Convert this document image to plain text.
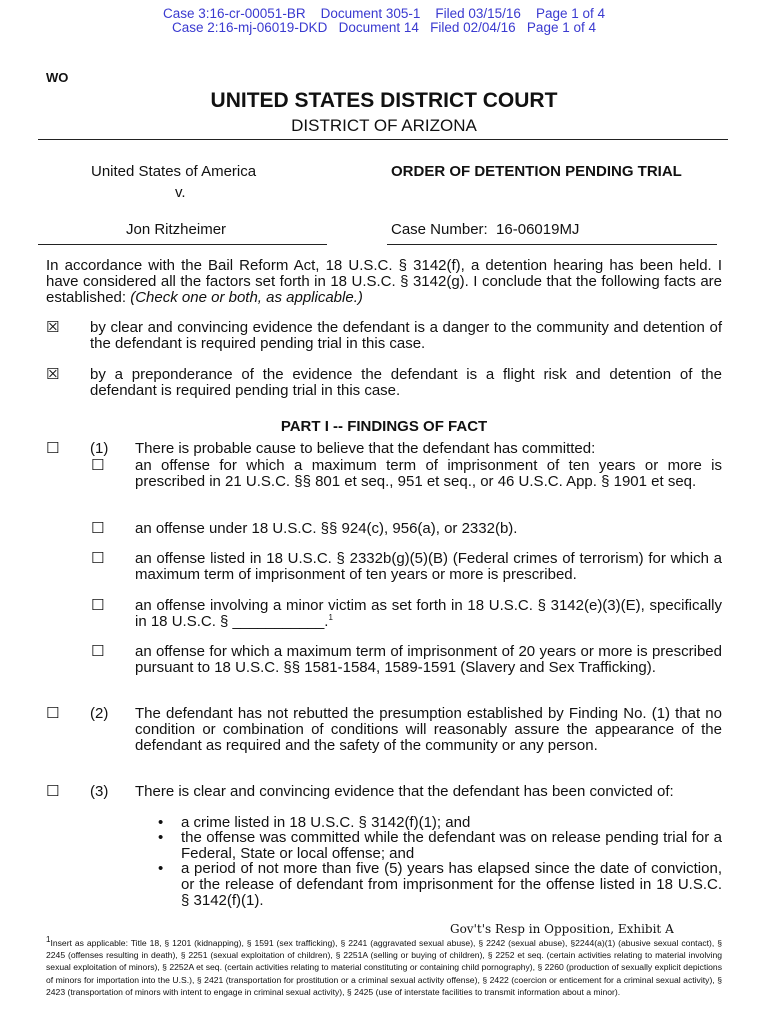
Case 3:16-cr-00051-BR    Document 305-1    Filed 03/15/16    Page 1 of 4
Case 2:16-mj-06019-DKD   Document 14   Filed 02/04/16   Page 1 of 4
WO
UNITED STATES DISTRICT COURT
DISTRICT OF ARIZONA
United States of America
v.
Jon Ritzheimer
ORDER OF DETENTION PENDING TRIAL
Case Number: 16-06019MJ
In accordance with the Bail Reform Act, 18 U.S.C. § 3142(f), a detention hearing has been held. I have considered all the factors set forth in 18 U.S.C. § 3142(g). I conclude that the following facts are established: (Check one or both, as applicable.)
☒ by clear and convincing evidence the defendant is a danger to the community and detention of the defendant is required pending trial in this case.
☒ by a preponderance of the evidence the defendant is a flight risk and detention of the defendant is required pending trial in this case.
PART I -- FINDINGS OF FACT
☐ (1) There is probable cause to believe that the defendant has committed:
☐ an offense for which a maximum term of imprisonment of ten years or more is prescribed in 21 U.S.C. §§ 801 et seq., 951 et seq., or 46 U.S.C. App. § 1901 et seq.
☐ an offense under 18 U.S.C. §§ 924(c), 956(a), or 2332(b).
☐ an offense listed in 18 U.S.C. § 2332b(g)(5)(B) (Federal crimes of terrorism) for which a maximum term of imprisonment of ten years or more is prescribed.
☐ an offense involving a minor victim as set forth in 18 U.S.C. § 3142(e)(3)(E), specifically in 18 U.S.C. § ___________.$^1$
☐ an offense for which a maximum term of imprisonment of 20 years or more is prescribed pursuant to 18 U.S.C. §§ 1581-1584, 1589-1591 (Slavery and Sex Trafficking).
☐ (2) The defendant has not rebutted the presumption established by Finding No. (1) that no condition or combination of conditions will reasonably assure the appearance of the defendant as required and the safety of the community or any person.
☐ (3) There is clear and convincing evidence that the defendant has been convicted of:
• a crime listed in 18 U.S.C. § 3142(f)(1); and
• the offense was committed while the defendant was on release pending trial for a Federal, State or local offense; and
• a period of not more than five (5) years has elapsed since the date of conviction, or the release of defendant from imprisonment for the offense listed in 18 U.S.C. § 3142(f)(1).
Gov't's Resp in Opposition, Exhibit A
$^1$Insert as applicable: Title 18, § 1201 (kidnapping), § 1591 (sex trafficking), § 2241 (aggravated sexual abuse), § 2242 (sexual abuse), §2244(a)(1) (abusive sexual contact), § 2245 (offenses resulting in death), § 2251 (sexual exploitation of children), § 2251A (selling or buying of children), § 2252 et seq. (certain activities relating to material involving sexual exploitation of minors), § 2252A et seq. (certain activities relating to material constituting or containing child pornography), § 2260 (production of sexually explicit depictions of minors for importation into the U.S.), § 2421 (transportation for prostitution or a criminal sexual activity offense), § 2422 (coercion or enticement for a criminal sexual activity), § 2423 (transportation of minors with intent to engage in criminal sexual activity), § 2425 (use of interstate facilities to transmit information about a minor).
